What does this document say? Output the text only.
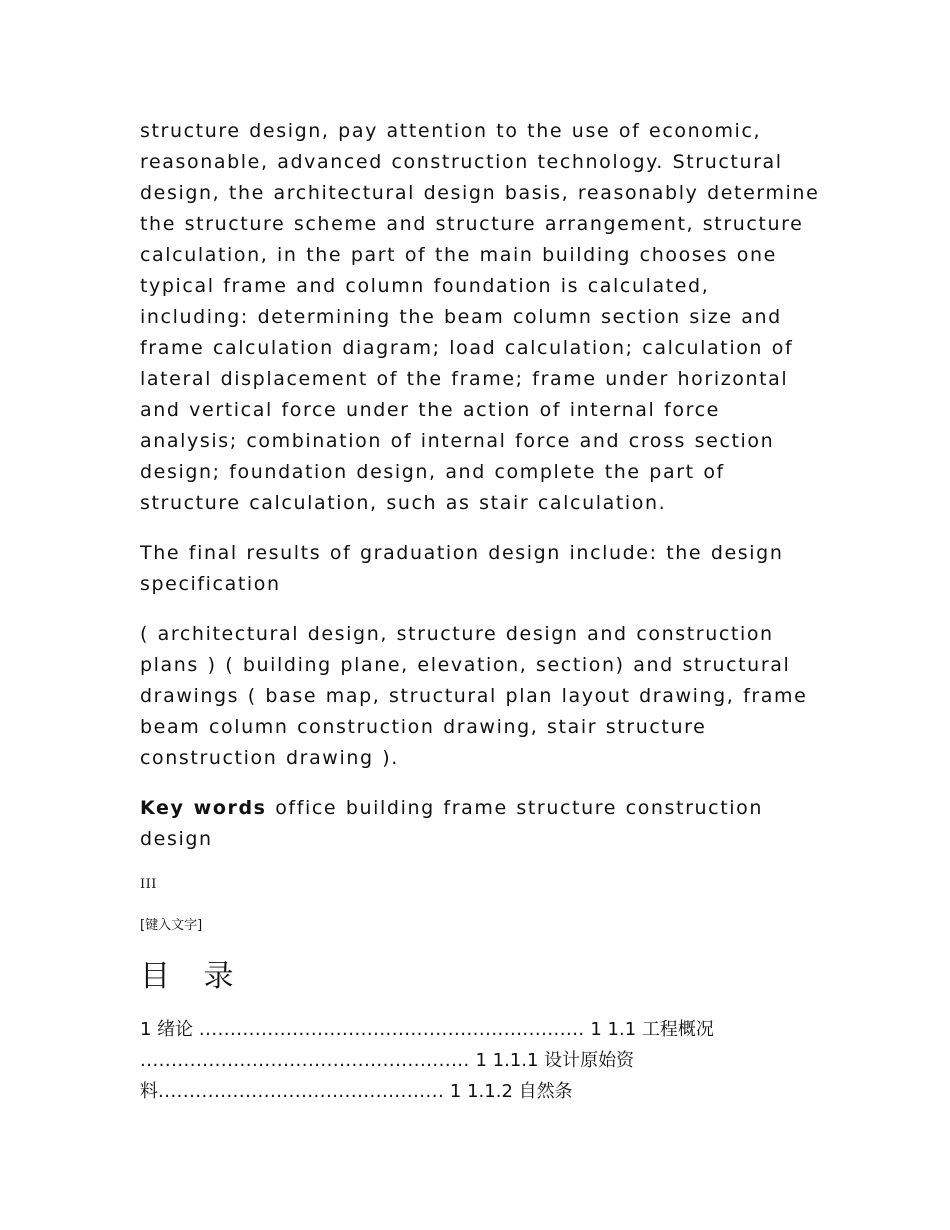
structure design, pay attention to the use of economic, reasonable, advanced construction technology. Structural design, the architectural design basis, reasonably determine the structure scheme and structure arrangement, structure calculation, in the part of the main building chooses one typical frame and column foundation is calculated, including: determining the beam column section size and frame calculation diagram; load calculation; calculation of lateral displacement of the frame; frame under horizontal and vertical force under the action of internal force analysis; combination of internal force and cross section design; foundation design, and complete the part of structure calculation, such as stair calculation.

The final results of graduation design include: the design specification

( architectural design, structure design and construction plans ) ( building plane, elevation, section) and structural drawings ( base map, structural plan layout drawing, frame beam column construction drawing, stair structure construction drawing ).

Key words office building frame structure construction design

III

[键入文字]

目 录
1 绪论 .............................................................. 1 1.1 工程概况
..................................................... 1 1.1.1 设计原始资
料.............................................. 1 1.1.2 自然条
